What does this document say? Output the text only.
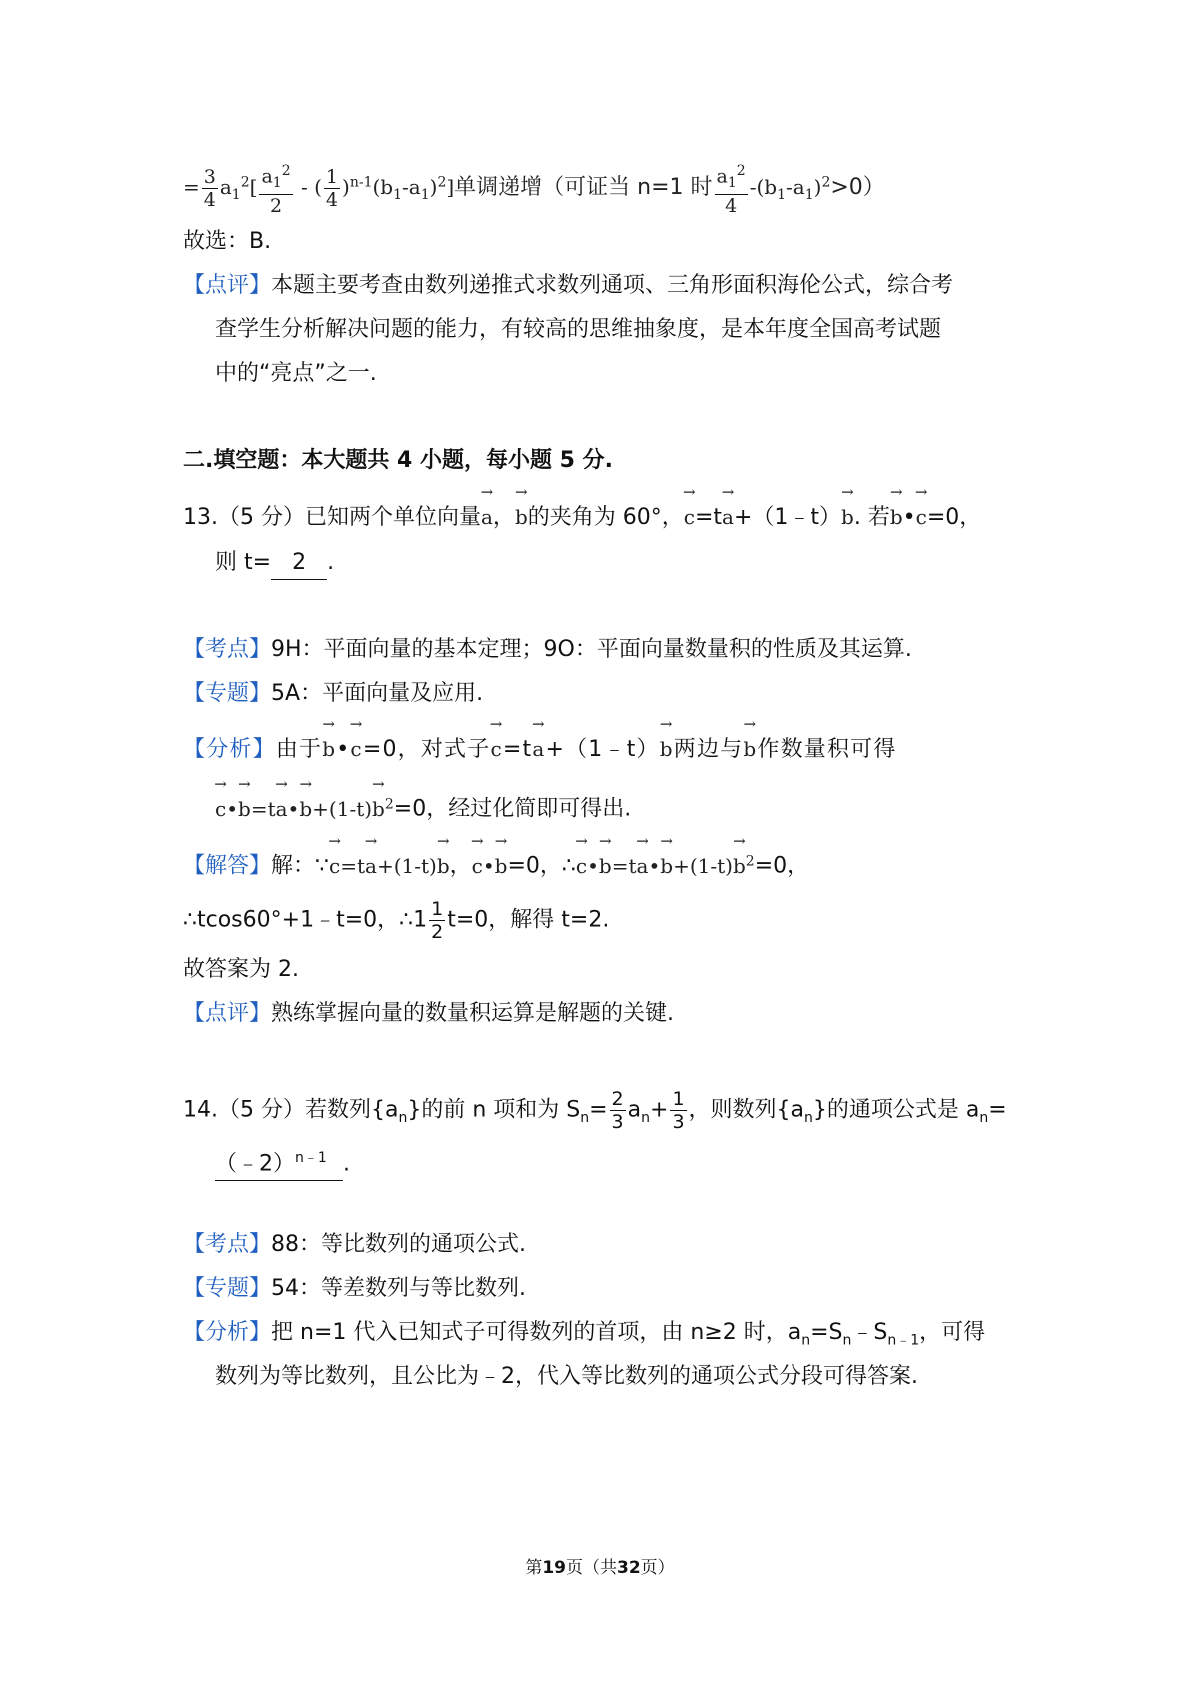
= $\frac{3}{4} a_1^2[ \frac{a_1^2}{2}$ - ( $\frac{1}{4} )^{n-1}(b_1-a_1)^2$]单调递增（可证当 n=1 时 $\frac{a_1^2}{4} -(b_1-a_1)^2>0$）
故选：B.
【点评】本题主要考查由数列递推式求数列通项、三角形面积海伦公式，综合考
查学生分析解决问题的能力，有较高的思维抽象度，是本年度全国高考试题
中的“亮点”之一.
二.填空题：本大题共 4 小题，每小题 5 分.
13.（5 分）已知两个单位向量→ a，→ b的夹角为 60°，→ c=t→ a+（1﹣t）→ b. 若→ b•→ c=0，
则 t= 2 .
【考点】9H：平面向量的基本定理；9O：平面向量数量积的性质及其运算.
【专题】5A：平面向量及应用.
【分析】由于→ b•→ c=0，对式子→ c=t→ a+（1﹣t）→ b两边与→ b作数量积可得
→ c•→ b=t→ a•→ $b+(1-t)\to b^2=0$，经过化简即可得出.
【解答】解：∵→ c=t→ a+(1-t)→ b，→ c•→ b=0，∴→ c•→ b=t→ a•→ $b+(1-t)\to b^2=0$，
∴tcos60°+1﹣t=0，∴1 $\frac{1}{2} t=0$，解得 t=2.
故答案为 2.
【点评】熟练掌握向量的数量积运算是解题的关键.
14.（5 分）若数列$\{a_n\}$的前 n 项和为 $S_n= \frac{2}{3} a_n+ \frac{1}{3}$ ，则数列$\{a_n\}$的通项公式是 $a_n=$
（﹣2）$^{n﹣1}$ .
【考点】88：等比数列的通项公式.
【专题】54：等差数列与等比数列.
【分析】把 n=1 代入已知式子可得数列的首项，由 n≥2 时，$a_n=S_n﹣S_{n﹣1}$，可得
数列为等比数列，且公比为﹣2，代入等比数列的通项公式分段可得答案.
第19页（共32页）
